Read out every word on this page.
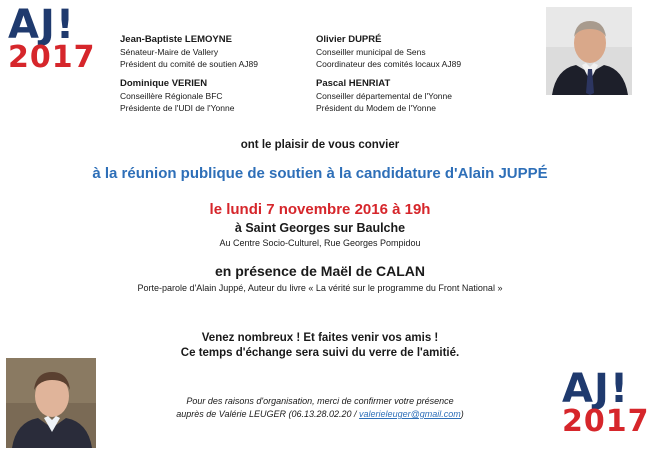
AJ!
2017
Jean-Baptiste LEMOYNE
Sénateur-Maire de Vallery
Président du comité de soutien AJ89
Olivier DUPRÉ
Conseiller municipal de Sens
Coordinateur des comités locaux AJ89
Dominique VERIEN
Conseillère Régionale BFC
Présidente de l'UDI de l'Yonne
Pascal HENRIAT
Conseiller départemental de l'Yonne
Président du Modem de l'Yonne
ont le plaisir de vous convier
à la réunion publique de soutien à la candidature d'Alain JUPPÉ
le lundi 7 novembre 2016 à 19h
à Saint Georges sur Baulche
Au Centre Socio-Culturel, Rue Georges Pompidou
en présence de Maël de CALAN
Porte-parole d'Alain Juppé, Auteur du livre « La vérité sur le programme du Front National »
Venez nombreux ! Et faites venir vos amis !
Ce temps d'échange sera suivi du verre de l'amitié.
Pour des raisons d'organisation, merci de confirmer votre présence
auprès de Valérie LEUGER (06.13.28.02.20 / valerieleuger@gmail.com)
AJ!
2017
